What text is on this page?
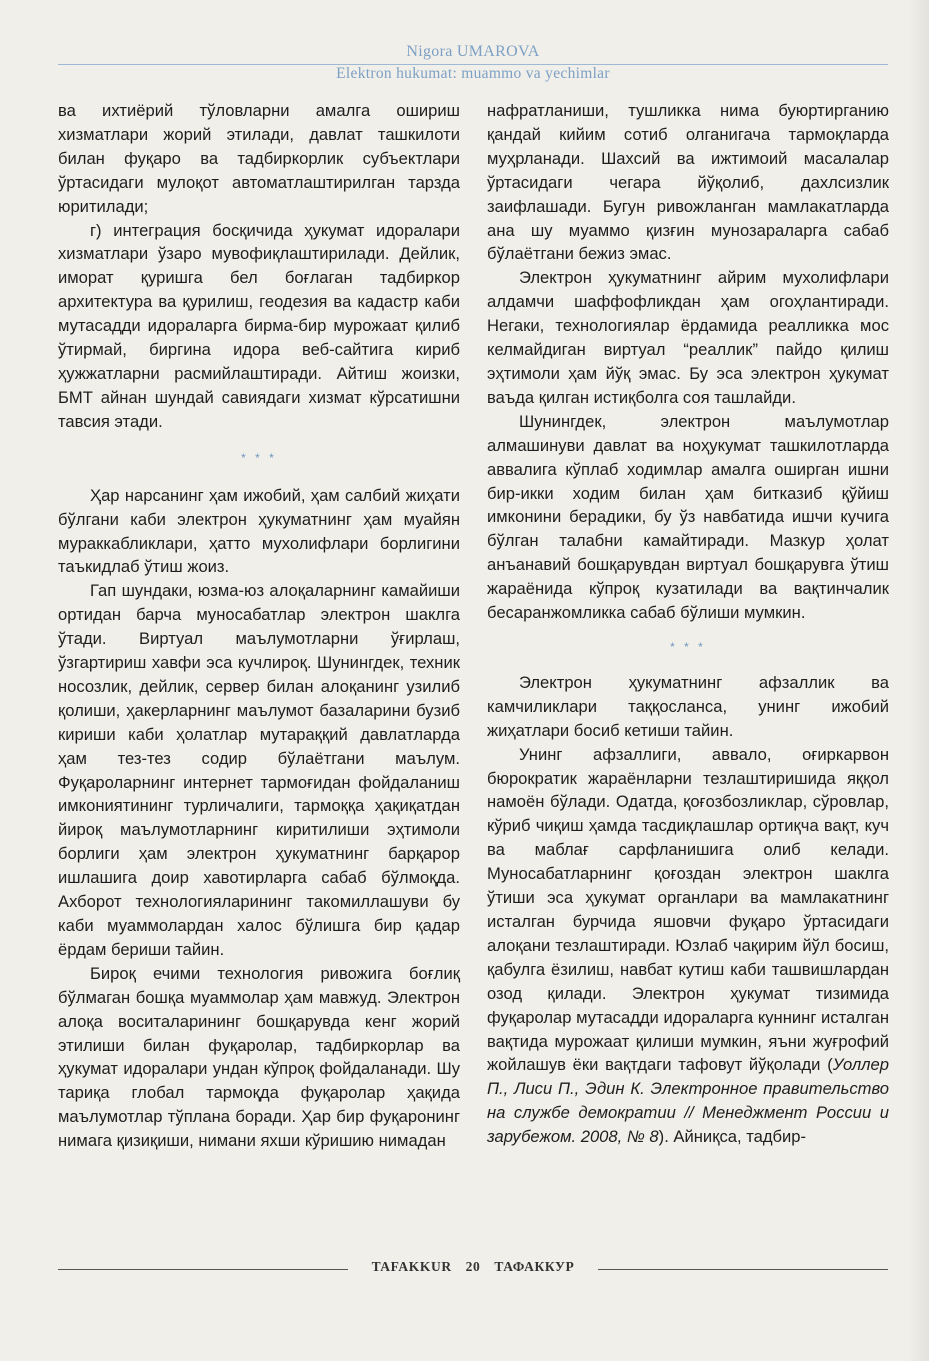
Nigora UMAROVA
Elektron hukumat: muammo va yechimlar

ва ихтиёрий тўловларни амалга ошириш хизматлари жорий этилади, давлат ташкилоти билан фуқаро ва тадбиркорлик субъектлари ўртасидаги мулоқот автоматлаштирилган тарзда юритилади;

г) интеграция босқичида ҳукумат идоралари хизматлари ўзаро мувофиқлаштирилади. Дейлик, иморат қуришга бел боғлаган тадбиркор архитектура ва қурилиш, геодезия ва кадастр каби мутасадди идораларга бирма-бир мурожаат қилиб ўтирмай, биргина идора веб-сайтига кириб ҳужжатларни расмийлаштиради. Айтиш жоизки, БМТ айнан шундай савиядаги хизмат кўрсатишни тавсия этади.

* * *

Ҳар нарсанинг ҳам ижобий, ҳам салбий жиҳати бўлгани каби электрон ҳукуматнинг ҳам муайян мураккабликлари, ҳатто мухолифлари борлигини таъкидлаб ўтиш жоиз.

Гап шундаки, юзма-юз алоқаларнинг камайиши ортидан барча муносабатлар электрон шаклга ўтади. Виртуал маълумотларни ўғирлаш, ўзгартириш хавфи эса кучлироқ. Шунингдек, техник носозлик, дейлик, сервер билан алоқанинг узилиб қолиши, ҳакерларнинг маълумот базаларини бузиб кириши каби ҳолатлар мутараққий давлатларда ҳам тез-тез содир бўлаётгани маълум. Фуқароларнинг интернет тармоғидан фойдаланиш имкониятининг турличалиги, тармоққа ҳақиқатдан йироқ маълумотларнинг киритилиши эҳтимоли борлиги ҳам электрон ҳукуматнинг барқарор ишлашига доир хавотирларга сабаб бўлмоқда. Ахборот технологияларининг такомиллашуви бу каби муаммолардан халос бўлишга бир қадар ёрдам бериши тайин.

Бироқ ечими технология ривожига боғлиқ бўлмаган бошқа муаммолар ҳам мавжуд. Электрон алоқа воситаларининг бошқарувда кенг жорий этилиши билан фуқаролар, тадбиркорлар ва ҳукумат идоралари ундан кўпроқ фойдаланади. Шу тариқа глобал тармоқда фуқаролар ҳақида маълумотлар тўплана боради. Ҳар бир фуқаронинг нимага қизиқиши, нимани яхши кўришию нимадан

нафратланиши, тушликка нима буюртирганию қандай кийим сотиб олганигача тармоқларда муҳрланади. Шахсий ва ижтимоий масалалар ўртасидаги чегара йўқолиб, дахлсизлик заифлашади. Бугун ривожланган мамлакатларда ана шу муаммо қизғин мунозараларга сабаб бўлаётгани бежиз эмас.

Электрон ҳукуматнинг айрим мухолифлари алдамчи шаффофликдан ҳам огоҳлантиради. Негаки, технологиялар ёрдамида реалликка мос келмайдиган виртуал “реаллик” пайдо қилиш эҳтимоли ҳам йўқ эмас. Бу эса электрон ҳукумат ваъда қилган истиқболга соя ташлайди.

Шунингдек, электрон маълумотлар алмашинуви давлат ва ноҳукумат ташкилотларда аввалига кўплаб ходимлар амалга оширган ишни бир-икки ходим билан ҳам битказиб қўйиш имконини берадики, бу ўз навбатида ишчи кучига бўлган талабни камайтиради. Мазкур ҳолат анъанавий бошқарувдан виртуал бошқарувга ўтиш жараёнида кўпроқ кузатилади ва вақтинчалик бесаранжомликка сабаб бўлиши мумкин.

* * *

Электрон ҳукуматнинг афзаллик ва камчиликлари таққосланса, унинг ижобий жиҳатлари босиб кетиши тайин.

Унинг афзаллиги, аввало, оғиркарвон бюрократик жараёнларни тезлаштиришида яққол намоён бўлади. Одатда, қоғозбозликлар, сўровлар, кўриб чиқиш ҳамда тасдиқлашлар ортиқча вақт, куч ва маблағ сарфланишига олиб келади. Муносабатларнинг қоғоздан электрон шаклга ўтиши эса ҳукумат органлари ва мамлакатнинг исталган бурчида яшовчи фуқаро ўртасидаги алоқани тезлаштиради. Юзлаб чақирим йўл босиш, қабулга ёзилиш, навбат кутиш каби ташвишлардан озод қилади. Электрон ҳукумат тизимида фуқаролар мутасадди идораларга куннинг исталган вақтида мурожаат қилиши мумкин, яъни жуғрофий жойлашув ёки вақтдаги тафовут йўқолади (Уоллер П., Лиси П., Эдин К. Электронное правительство на службе демократии // Менеджмент России и зарубежом. 2008, № 8). Айниқса, тадбир-

TAFAKKUR 20 ТАФАККУР
